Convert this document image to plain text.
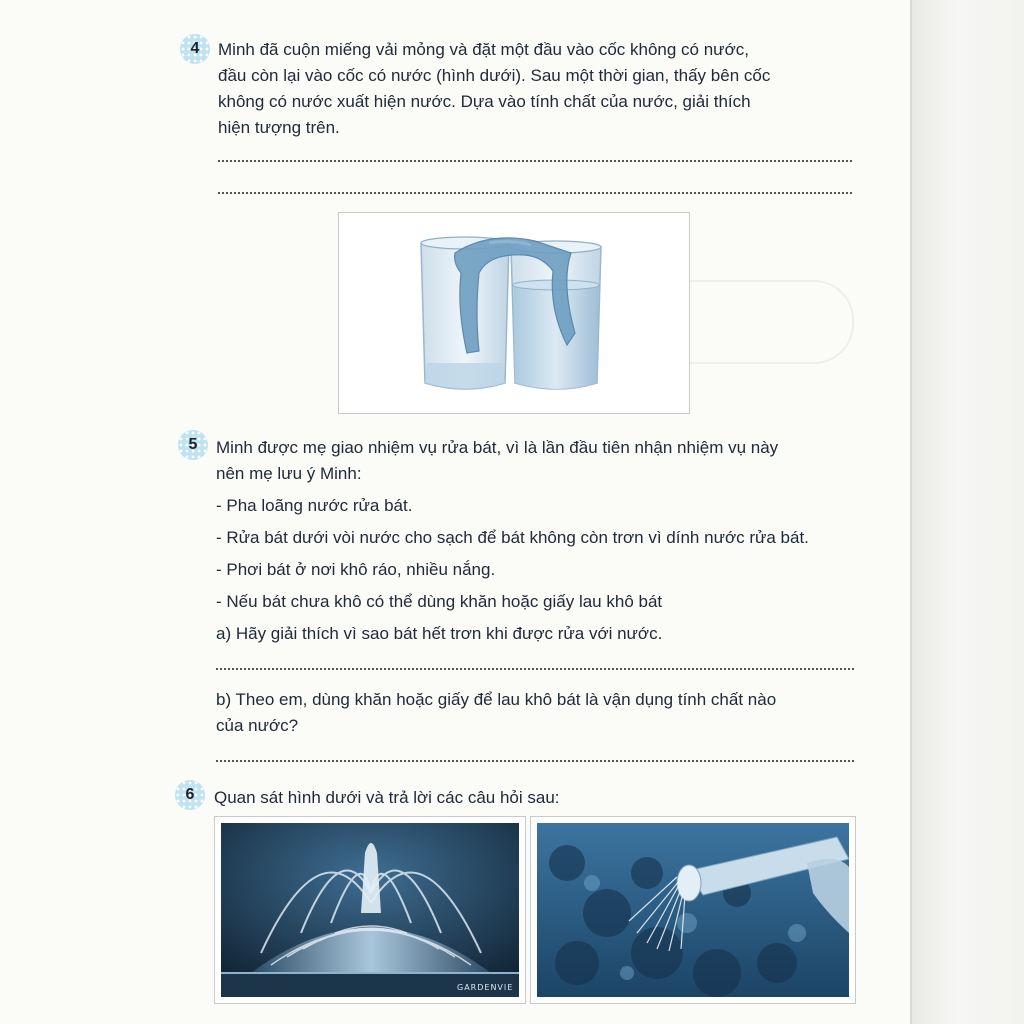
4	Minh đã cuộn miếng vải mỏng và đặt một đầu vào cốc không có nước,
đầu còn lại vào cốc có nước (hình dưới). Sau một thời gian, thấy bên cốc
không có nước xuất hiện nước. Dựa vào tính chất của nước, giải thích
hiện tượng trên.
5	Minh được mẹ giao nhiệm vụ rửa bát, vì là lần đầu tiên nhận nhiệm vụ này
nên mẹ lưu ý Minh:
- Pha loãng nước rửa bát.
- Rửa bát dưới vòi nước cho sạch để bát không còn trơn vì dính nước rửa bát.
- Phơi bát ở nơi khô ráo, nhiều nắng.
- Nếu bát chưa khô có thể dùng khăn hoặc giấy lau khô bát
a) Hãy giải thích vì sao bát hết trơn khi được rửa với nước.
b) Theo em, dùng khăn hoặc giấy để lau khô bát là vận dụng tính chất nào
của nước?
6	Quan sát hình dưới và trả lời các câu hỏi sau:
GARDENVIE
